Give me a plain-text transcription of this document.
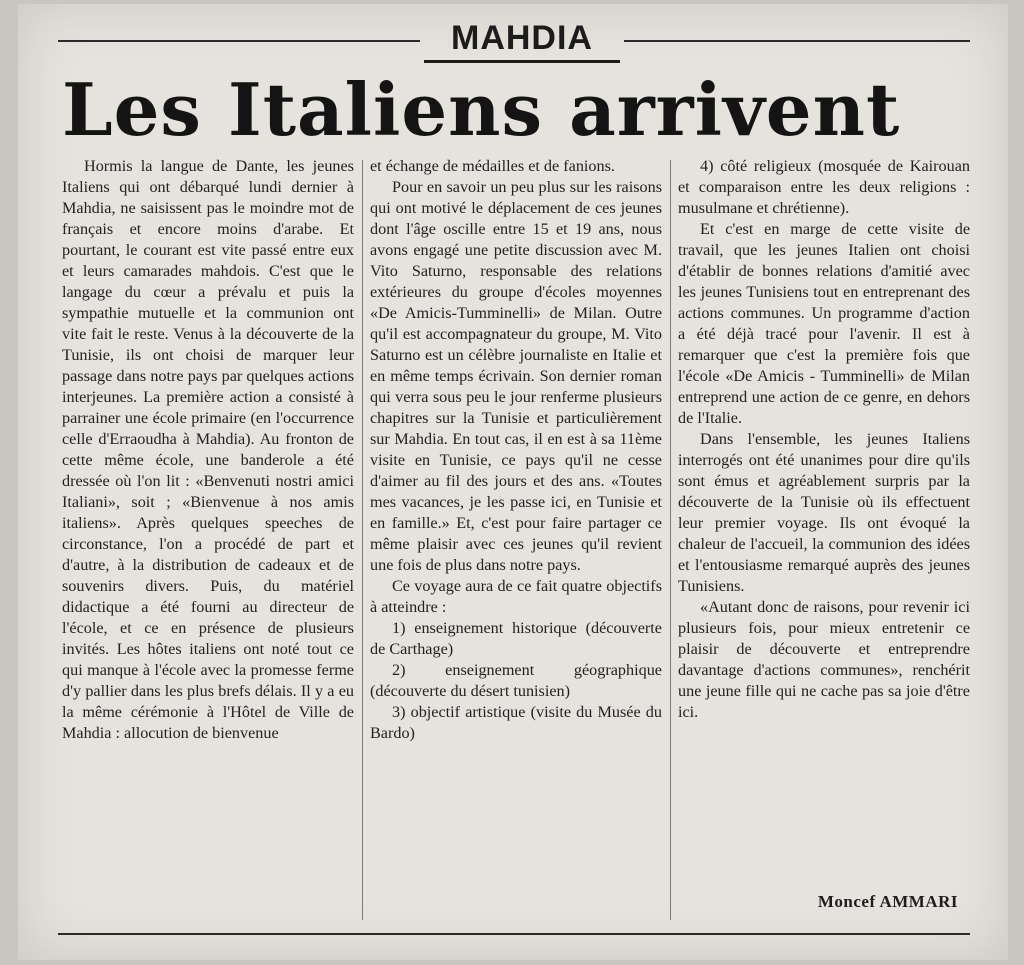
MAHDIA
Les Italiens arrivent

Hormis la langue de Dante, les jeunes Italiens qui ont débarqué lundi dernier à Mahdia, ne saisissent pas le moindre mot de français et encore moins d'arabe. Et pourtant, le courant est vite passé entre eux et leurs camarades mahdois. C'est que le langage du cœur a prévalu et puis la sympathie mutuelle et la communion ont vite fait le reste. Venus à la découverte de la Tunisie, ils ont choisi de marquer leur passage dans notre pays par quelques actions interjeunes. La première action a consisté à parrainer une école primaire (en l'occurrence celle d'Erraoudha à Mahdia). Au fronton de cette même école, une banderole a été dressée où l'on lit : «Benvenuti nostri amici Italiani», soit ; «Bienvenue à nos amis italiens». Après quelques speeches de circonstance, l'on a procédé de part et d'autre, à la distribution de cadeaux et de souvenirs divers. Puis, du matériel didactique a été fourni au directeur de l'école, et ce en présence de plusieurs invités. Les hôtes italiens ont noté tout ce qui manque à l'école avec la promesse ferme d'y pallier dans les plus brefs délais. Il y a eu la même cérémonie à l'Hôtel de Ville de Mahdia : allocution de bienvenue

et échange de médailles et de fanions.

Pour en savoir un peu plus sur les raisons qui ont motivé le déplacement de ces jeunes dont l'âge oscille entre 15 et 19 ans, nous avons engagé une petite discussion avec M. Vito Saturno, responsable des relations extérieures du groupe d'écoles moyennes «De Amicis-Tumminelli» de Milan. Outre qu'il est accompagnateur du groupe, M. Vito Saturno est un célèbre journaliste en Italie et en même temps écrivain. Son dernier roman qui verra sous peu le jour renferme plusieurs chapitres sur la Tunisie et particulièrement sur Mahdia. En tout cas, il en est à sa 11ème visite en Tunisie, ce pays qu'il ne cesse d'aimer au fil des jours et des ans. «Toutes mes vacances, je les passe ici, en Tunisie et en famille.» Et, c'est pour faire partager ce même plaisir avec ces jeunes qu'il revient une fois de plus dans notre pays.

Ce voyage aura de ce fait quatre objectifs à atteindre :

1) enseignement historique (découverte de Carthage)

2) enseignement géographique (découverte du désert tunisien)

3) objectif artistique (visite du Musée du Bardo)

4) côté religieux (mosquée de Kairouan et comparaison entre les deux religions : musulmane et chrétienne).

Et c'est en marge de cette visite de travail, que les jeunes Italien ont choisi d'établir de bonnes relations d'amitié avec les jeunes Tunisiens tout en entreprenant des actions communes. Un programme d'action a été déjà tracé pour l'avenir. Il est à remarquer que c'est la première fois que l'école «De Amicis - Tumminelli» de Milan entreprend une action de ce genre, en dehors de l'Italie.

Dans l'ensemble, les jeunes Italiens interrogés ont été unanimes pour dire qu'ils sont émus et agréablement surpris par la découverte de la Tunisie où ils effectuent leur premier voyage. Ils ont évoqué la chaleur de l'accueil, la communion des idées et l'entousiasme remarqué auprès des jeunes Tunisiens.

«Autant donc de raisons, pour revenir ici plusieurs fois, pour mieux entretenir ce plaisir de découverte et entreprendre davantage d'actions communes», renchérit une jeune fille qui ne cache pas sa joie d'être ici.

Moncef AMMARI
